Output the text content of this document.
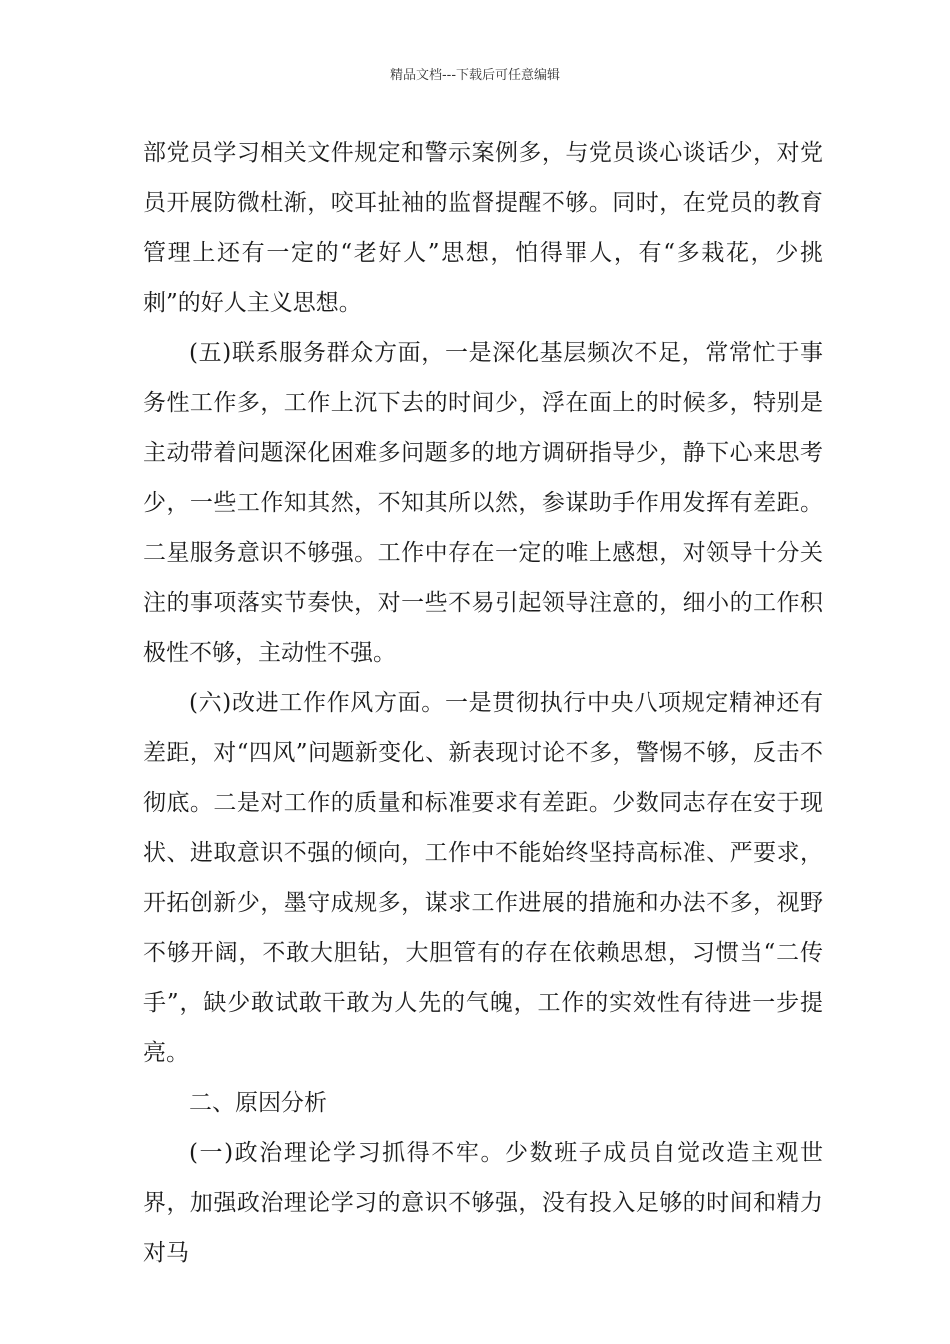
精品文档---下载后可任意编辑

部党员学习相关文件规定和警示案例多，与党员谈心谈话少，对党员开展防微杜渐，咬耳扯袖的监督提醒不够。同时，在党员的教育管理上还有一定的“老好人”思想，怕得罪人，有“多栽花，少挑刺”的好人主义思想。

(五)联系服务群众方面，一是深化基层频次不足，常常忙于事务性工作多，工作上沉下去的时间少，浮在面上的时候多，特别是主动带着问题深化困难多问题多的地方调研指导少，静下心来思考少，一些工作知其然，不知其所以然，参谋助手作用发挥有差距。二星服务意识不够强。工作中存在一定的唯上感想，对领导十分关注的事项落实节奏快，对一些不易引起领导注意的，细小的工作积极性不够，主动性不强。

(六)改进工作作风方面。一是贯彻执行中央八项规定精神还有差距，对“四风”问题新变化、新表现讨论不多，警惕不够，反击不彻底。二是对工作的质量和标准要求有差距。少数同志存在安于现状、进取意识不强的倾向，工作中不能始终坚持高标准、严要求，开拓创新少，墨守成规多，谋求工作进展的措施和办法不多，视野不够开阔，不敢大胆钻，大胆管有的存在依赖思想，习惯当“二传手”，缺少敢试敢干敢为人先的气魄，工作的实效性有待进一步提亮。

二、原因分析

(一)政治理论学习抓得不牢。少数班子成员自觉改造主观世界，加强政治理论学习的意识不够强，没有投入足够的时间和精力对马
